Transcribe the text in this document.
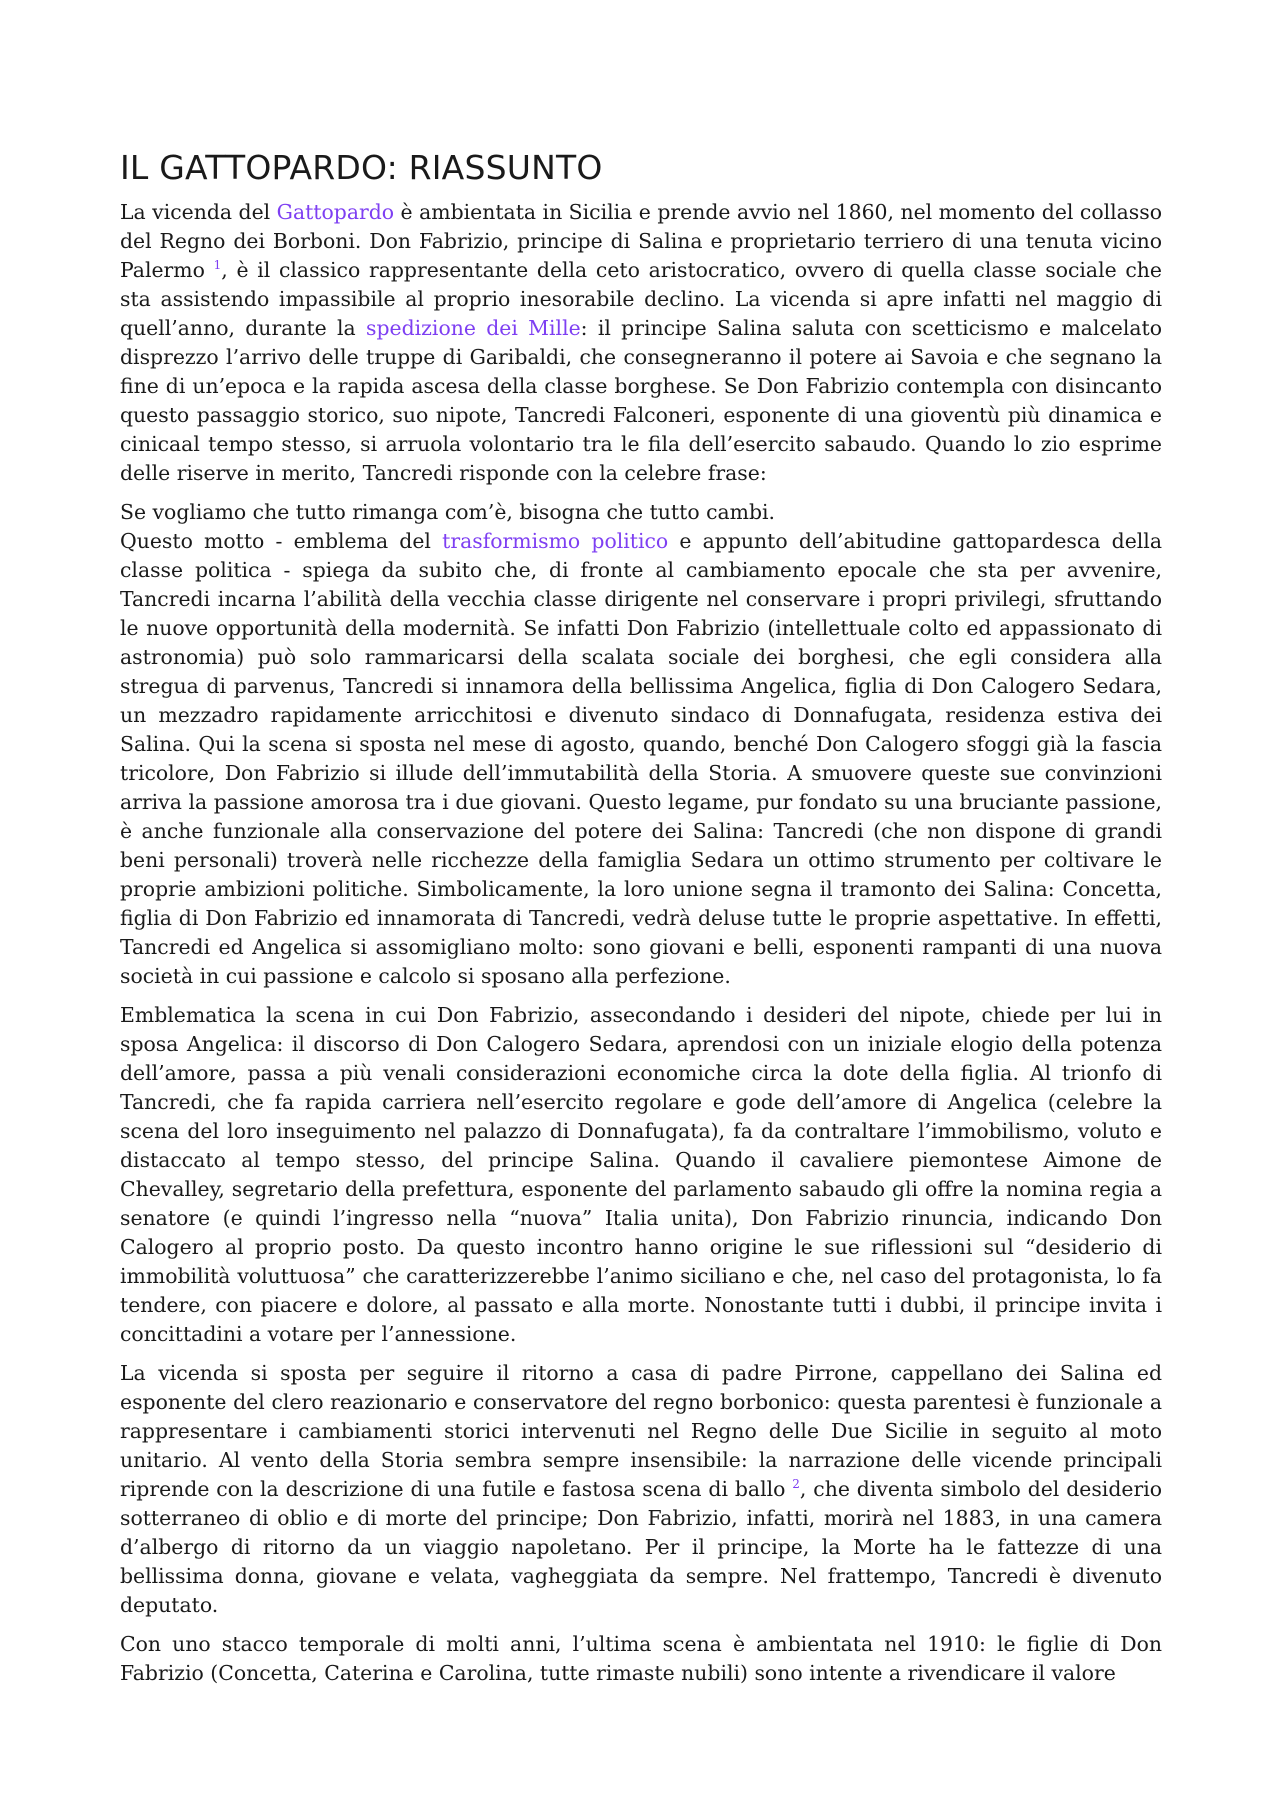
IL GATTOPARDO: RIASSUNTO

La vicenda del Gattopardo è ambientata in Sicilia e prende avvio nel 1860, nel momento del collasso del Regno dei Borboni. Don Fabrizio, principe di Salina e proprietario terriero di una tenuta vicino Palermo $^1$, è il classico rappresentante della ceto aristocratico, ovvero di quella classe sociale che sta assistendo impassibile al proprio inesorabile declino. La vicenda si apre infatti nel maggio di quell’anno, durante la spedizione dei Mille: il principe Salina saluta con scetticismo e malcelato disprezzo l’arrivo delle truppe di Garibaldi, che consegneranno il potere ai Savoia e che segnano la fine di un’epoca e la rapida ascesa della classe borghese. Se Don Fabrizio contempla con disincanto questo passaggio storico, suo nipote, Tancredi Falconeri, esponente di una gioventù più dinamica e cinicaal tempo stesso, si arruola volontario tra le fila dell’esercito sabaudo. Quando lo zio esprime delle riserve in merito, Tancredi risponde con la celebre frase:

Se vogliamo che tutto rimanga com’è, bisogna che tutto cambi.

Questo motto - emblema del trasformismo politico e appunto dell’abitudine gattopardesca della classe politica - spiega da subito che, di fronte al cambiamento epocale che sta per avvenire, Tancredi incarna l’abilità della vecchia classe dirigente nel conservare i propri privilegi, sfruttando le nuove opportunità della modernità. Se infatti Don Fabrizio (intellettuale colto ed appassionato di astronomia) può solo rammaricarsi della scalata sociale dei borghesi, che egli considera alla stregua di parvenus, Tancredi si innamora della bellissima Angelica, figlia di Don Calogero Sedara, un mezzadro rapidamente arricchitosi e divenuto sindaco di Donnafugata, residenza estiva dei Salina. Qui la scena si sposta nel mese di agosto, quando, benché Don Calogero sfoggi già la fascia tricolore, Don Fabrizio si illude dell’immutabilità della Storia. A smuovere queste sue convinzioni arriva la passione amorosa tra i due giovani. Questo legame, pur fondato su una bruciante passione, è anche funzionale alla conservazione del potere dei Salina: Tancredi (che non dispone di grandi beni personali) troverà nelle ricchezze della famiglia Sedara un ottimo strumento per coltivare le proprie ambizioni politiche. Simbolicamente, la loro unione segna il tramonto dei Salina: Concetta, figlia di Don Fabrizio ed innamorata di Tancredi, vedrà deluse tutte le proprie aspettative. In effetti, Tancredi ed Angelica si assomigliano molto: sono giovani e belli, esponenti rampanti di una nuova società in cui passione e calcolo si sposano alla perfezione.

Emblematica la scena in cui Don Fabrizio, assecondando i desideri del nipote, chiede per lui in sposa Angelica: il discorso di Don Calogero Sedara, aprendosi con un iniziale elogio della potenza dell’amore, passa a più venali considerazioni economiche circa la dote della figlia. Al trionfo di Tancredi, che fa rapida carriera nell’esercito regolare e gode dell’amore di Angelica (celebre la scena del loro inseguimento nel palazzo di Donnafugata), fa da contraltare l’immobilismo, voluto e distaccato al tempo stesso, del principe Salina. Quando il cavaliere piemontese Aimone de Chevalley, segretario della prefettura, esponente del parlamento sabaudo gli offre la nomina regia a senatore (e quindi l’ingresso nella “nuova” Italia unita), Don Fabrizio rinuncia, indicando Don Calogero al proprio posto. Da questo incontro hanno origine le sue riflessioni sul “desiderio di immobilità voluttuosa” che caratterizzerebbe l’animo siciliano e che, nel caso del protagonista, lo fa tendere, con piacere e dolore, al passato e alla morte. Nonostante tutti i dubbi, il principe invita i concittadini a votare per l’annessione.

La vicenda si sposta per seguire il ritorno a casa di padre Pirrone, cappellano dei Salina ed esponente del clero reazionario e conservatore del regno borbonico: questa parentesi è funzionale a rappresentare i cambiamenti storici intervenuti nel Regno delle Due Sicilie in seguito al moto unitario. Al vento della Storia sembra sempre insensibile: la narrazione delle vicende principali riprende con la descrizione di una futile e fastosa scena di ballo $^2$, che diventa simbolo del desiderio sotterraneo di oblio e di morte del principe; Don Fabrizio, infatti, morirà nel 1883, in una camera d’albergo di ritorno da un viaggio napoletano. Per il principe, la Morte ha le fattezze di una bellissima donna, giovane e velata, vagheggiata da sempre. Nel frattempo, Tancredi è divenuto deputato.

Con uno stacco temporale di molti anni, l’ultima scena è ambientata nel 1910: le figlie di Don Fabrizio (Concetta, Caterina e Carolina, tutte rimaste nubili) sono intente a rivendicare il valore
